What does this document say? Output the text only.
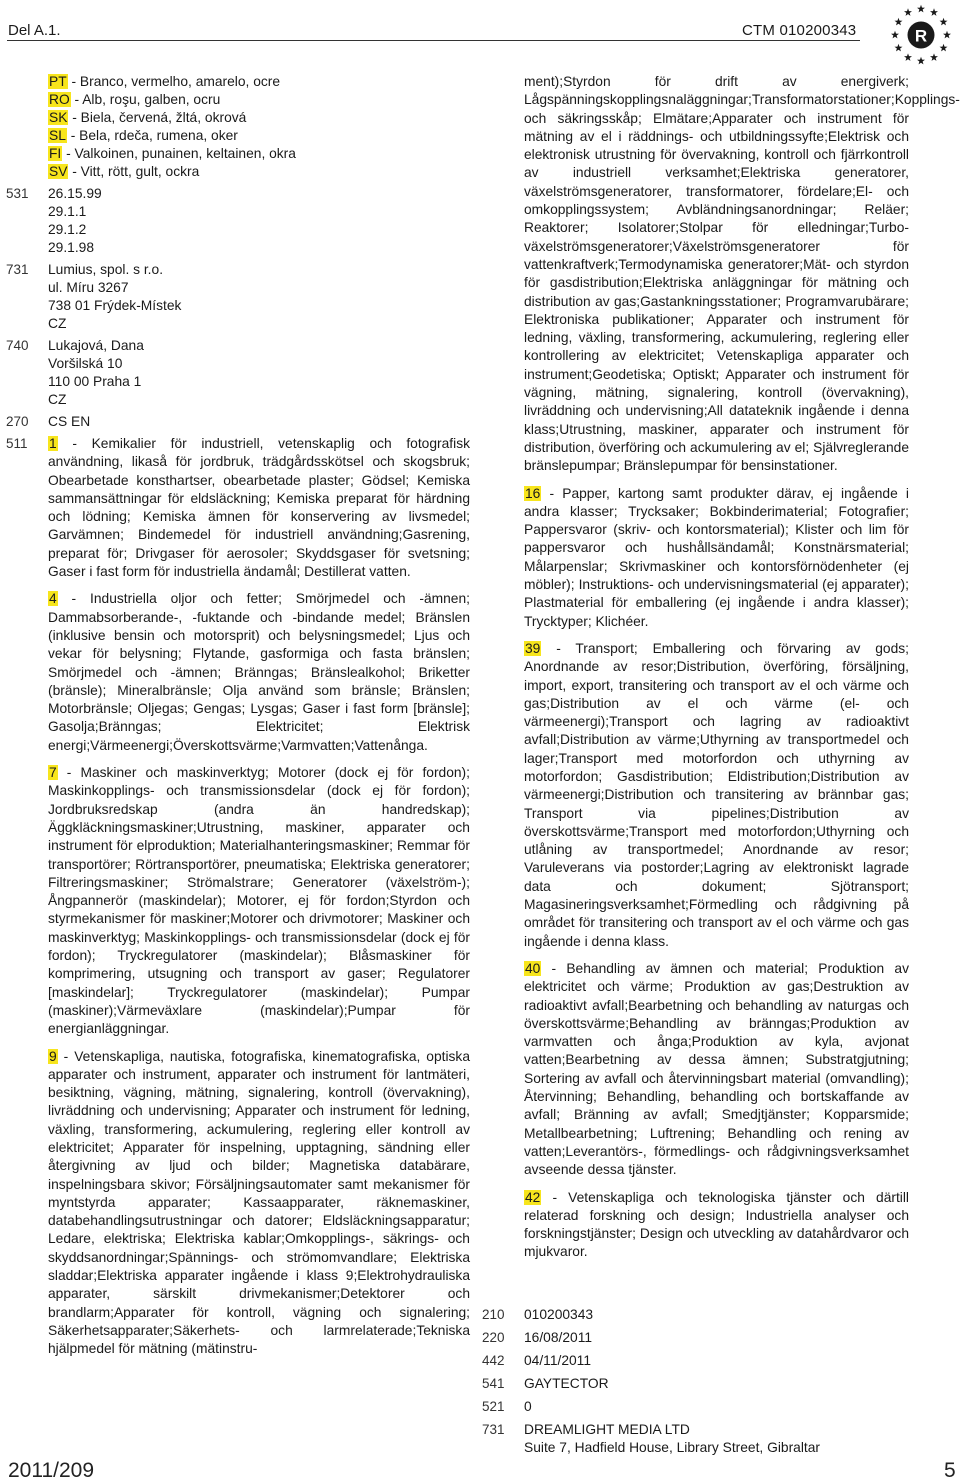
Del A.1.	CTM 010200343	R
PT - Branco, vermelho, amarelo, ocre
RO - Alb, roşu, galben, ocru
SK - Biela, červená, žltá, okrová
SL - Bela, rdeča, rumena, oker
FI - Valkoinen, punainen, keltainen, okra
SV - Vitt, rött, gult, ockra
531	26.15.99
29.1.1
29.1.2
29.1.98
731	Lumius, spol. s r.o.
ul. Míru 3267
738 01 Frýdek-Místek
CZ
740	Lukajová, Dana
Voršilská 10
110 00 Praha 1
CZ
270	CS EN
511	1 - Kemikalier för industriell, vetenskaplig och fotografisk användning, likaså för jordbruk, trädgårdsskötsel och skogsbruk; Obearbetade konsthartser, obearbetade plaster; Gödsel; Kemiska sammansättningar för eldsläckning; Kemiska preparat för härdning och lödning; Kemiska ämnen för konservering av livsmedel; Garvämnen; Bindemedel för industriell användning;Gasrening, preparat för; Drivgaser för aerosoler; Skyddsgaser för svetsning; Gaser i fast form för industriella ändamål; Destillerat vatten.

4 - Industriella oljor och fetter; Smörjmedel och -ämnen; Dammabsorberande-, -fuktande och -bindande medel; Bränslen (inklusive bensin och motorsprit) och belysningsmedel; Ljus och vekar för belysning; Flytande, gasformiga och fasta bränslen; Smörjmedel och -ämnen; Bränngas; Bränslealkohol; Briketter (bränsle); Mineralbränsle; Olja använd som bränsle; Bränslen; Motorbränsle; Oljegas; Gengas; Lysgas; Gaser i fast form [bränsle]; Gasolja;Bränngas; Elektricitet; Elektrisk energi;Värmeenergi;Överskottsvärme;Varmvatten;Vattenånga.

7 - Maskiner och maskinverktyg; Motorer (dock ej för fordon); Maskinkopplings- och transmissionsdelar (dock ej för fordon); Jordbruksredskap (andra än handredskap); Äggkläckningsmaskiner;Utrustning, maskiner, apparater och instrument för elproduktion; Materialhanteringsmaskiner; Remmar för transportörer; Rörtransportörer, pneumatiska; Elektriska generatorer; Filtreringsmaskiner; Strömalstrare; Generatorer (växelström-); Ångpannerör (maskindelar); Motorer, ej för fordon;Styrdon och styrmekanismer för maskiner;Motorer och drivmotorer; Maskiner och maskinverktyg; Maskinkopplings- och transmissionsdelar (dock ej för fordon); Tryckregulatorer (maskindelar); Blåsmaskiner för komprimering, utsugning och transport av gaser; Regulatorer [maskindelar]; Tryckregulatorer (maskindelar); Pumpar (maskiner);Värmeväxlare (maskindelar);Pumpar för energianläggningar.

9 - Vetenskapliga, nautiska, fotografiska, kinematografiska, optiska apparater och instrument, apparater och instrument för lantmäteri, besiktning, vägning, mätning, signalering, kontroll (övervakning), livräddning och undervisning; Apparater och instrument för ledning, växling, transformering, ackumulering, reglering eller kontroll av elektricitet; Apparater för inspelning, upptagning, sändning eller återgivning av ljud och bilder; Magnetiska databärare, inspelningsbara skivor; Försäljningsautomater samt mekanismer för myntstyrda apparater; Kassaapparater, räknemaskiner, databehandlingsutrustningar och datorer; Eldsläckningsapparatur; Ledare, elektriska; Elektriska kablar;Omkopplings-, säkrings- och skyddsanordningar;Spännings- och strömomvandlare; Elektriska sladdar;Elektriska apparater ingående i klass 9;Elektrohydrauliska apparater, särskilt drivmekanismer;Detektorer och brandlarm;Apparater för kontroll, vägning och signalering; Säkerhetsapparater;Säkerhets- och larmrelaterade;Tekniska hjälpmedel för mätning (mätinstru-

ment);Styrdon för drift av energiverk; Lågspänningskopplingsnaläggningar;Transformatorstationer;Kopplings- och säkringsskåp; Elmätare;Apparater och instrument för mätning av el i räddnings- och utbildningssyfte;Elektrisk och elektronisk utrustning för övervakning, kontroll och fjärrkontroll av industriell verksamhet;Elektriska generatorer, växelströmsgeneratorer, transformatorer, fördelare;El- och omkopplingssystem; Avbländningsanordningar; Reläer; Reaktorer; Isolatorer;Stolpar för elledningar;Turbo-växelströmsgeneratorer;Växelströmsgeneratorer för vattenkraftverk;Termodynamiska generatorer;Mät- och styrdon för gasdistribution;Elektriska anläggningar för mätning och distribution av gas;Gastankningsstationer; Programvarubärare; Elektroniska publikationer; Apparater och instrument för ledning, växling, transformering, ackumulering, reglering eller kontrollering av elektricitet; Vetenskapliga apparater och instrument;Geodetiska; Optiskt; Apparater och instrument för vägning, mätning, signalering, kontroll (övervakning), livräddning och undervisning;All datateknik ingående i denna klass;Utrustning, maskiner, apparater och instrument för distribution, överföring och ackumulering av el; Självreglerande bränslepumpar; Bränslepumpar för bensinstationer.

16 - Papper, kartong samt produkter därav, ej ingående i andra klasser; Trycksaker; Bokbinderimaterial; Fotografier; Pappersvaror (skriv- och kontorsmaterial); Klister och lim för pappersvaror och hushållsändamål; Konstnärsmaterial; Målarpenslar; Skrivmaskiner och kontorsförnödenheter (ej möbler); Instruktions- och undervisningsmaterial (ej apparater); Plastmaterial för emballering (ej ingående i andra klasser); Trycktyper; Klichéer.

39 - Transport; Emballering och förvaring av gods; Anordnande av resor;Distribution, överföring, försäljning, import, export, transitering och transport av el och värme och gas;Distribution av el och värme (el- och värmeenergi);Transport och lagring av radioaktivt avfall;Distribution av värme;Uthyrning av transportmedel och lager;Transport med motorfordon och uthyrning av motorfordon; Gasdistribution; Eldistribution;Distribution av värmeenergi;Distribution och transitering av brännbar gas; Transport via pipelines;Distribution av överskottsvärme;Transport med motorfordon;Uthyrning och utlåning av transportmedel; Anordnande av resor; Varuleverans via postorder;Lagring av elektroniskt lagrade data och dokument; Sjötransport; Magasineringsverksamhet;Förmedling och rådgivning på området för transitering och transport av el och värme och gas ingående i denna klass.

40 - Behandling av ämnen och material; Produktion av elektricitet och värme; Produktion av gas;Destruktion av radioaktivt avfall;Bearbetning och behandling av naturgas och överskottsvärme;Behandling av bränngas;Produktion av varmvatten och ånga;Produktion av kyla, avjonat vatten;Bearbetning av dessa ämnen; Substratgjutning; Sortering av avfall och återvinningsbart material (omvandling); Återvinning; Behandling, behandling och bortskaffande av avfall; Bränning av avfall; Smedjtjänster; Kopparsmide; Metallbearbetning; Luftrening; Behandling och rening av vatten;Leverantörs-, förmedlings- och rådgivningsverksamhet avseende dessa tjänster.

42 - Vetenskapliga och teknologiska tjänster och därtill relaterad forskning och design; Industriella analyser och forskningstjänster; Design och utveckling av datahårdvaror och mjukvaror.

210	010200343
220	16/08/2011
442	04/11/2011
541	GAYTECTOR
521	0
731	DREAMLIGHT MEDIA LTD
Suite 7, Hadfield House, Library Street, Gibraltar
2011/209	5
